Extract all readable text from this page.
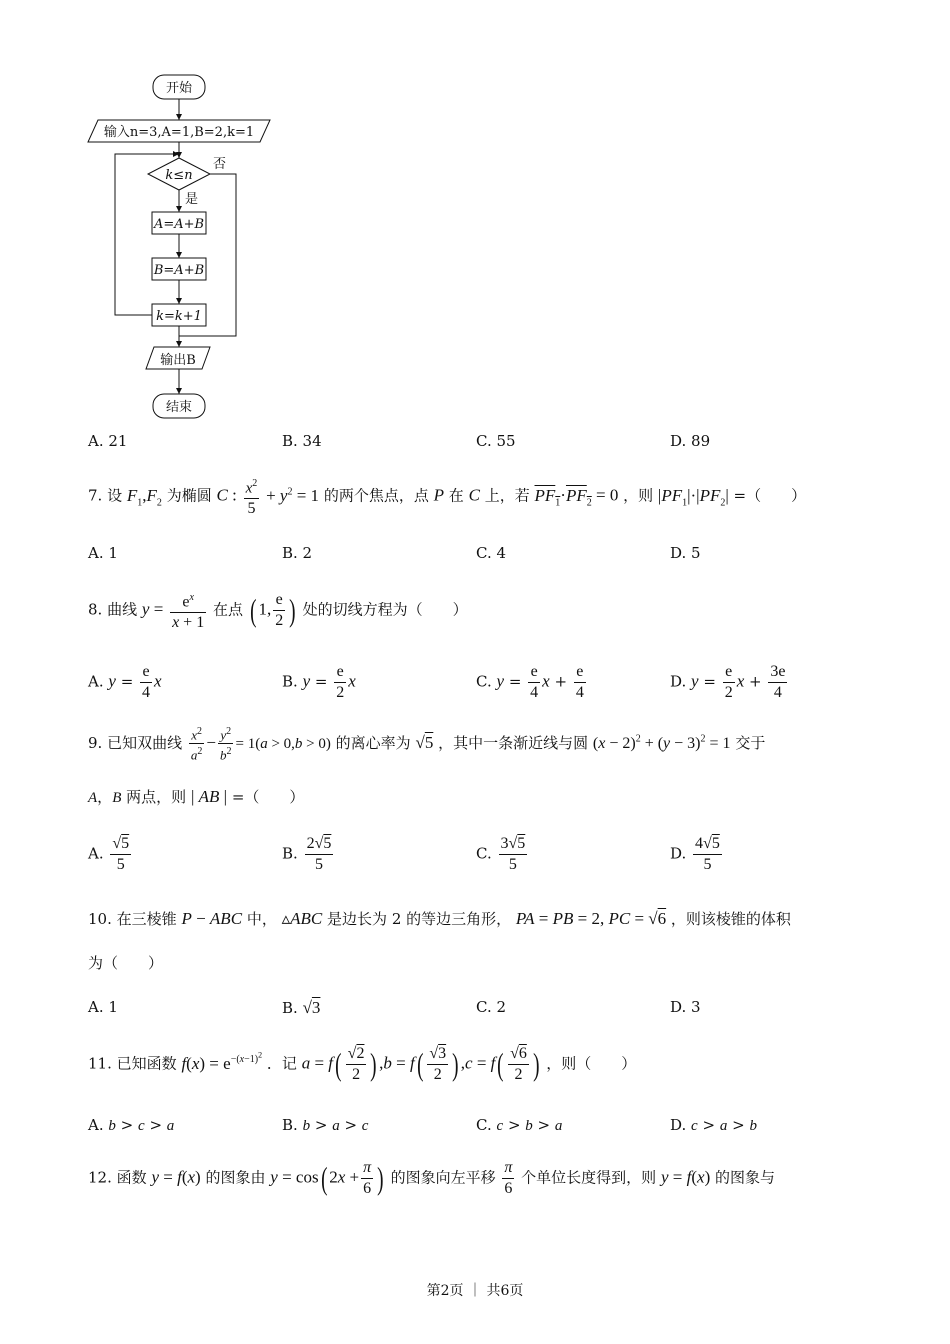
开始
输入n=3,A=1,B=2,k=1
k≤n
否
是
A=A+B
B=A+B
k=k+1
输出B
结束
A. 21	B. 34	C. 55	D. 89
7. 设 $F_1,F_2$ 为椭圆 C : $\frac{x^2}{5} + y^2 = 1$ 的两个焦点，点 P 在 C 上，若 $PF_1\cdot PF_2 = 0$ ，则 $|PF_1|\cdot|PF_2|$ =（　　）
A. 1	B. 2	C. 4	D. 5
8. 曲线 $y = \frac{e^x}{x + 1}$ 在点 ( 1, $\frac{e}{2}$ ) 处的切线方程为（　　）
A. $y = \frac{e}{4}$ x	B. $y = \frac{e}{2}$ x	C. $y = \frac{e}{4}$ $x + \frac{e}{4}$	D. $y = \frac{e}{2}$ $x + \frac{3e}{4}$
9. 已知双曲线 $\frac{x^2}{a^2} - \frac{y^2}{b^2} = 1(a > 0,b > 0)$ 的离心率为 √5 ，其中一条渐近线与圆 $(x - 2)^2 + (y - 3)^2 = 1$ 交于
A，B 两点，则 | AB | =（　　）
A. $\frac{√5}{5}$	B. $\frac{2√5}{5}$	C. $\frac{3√5}{5}$	D. $\frac{4√5}{5}$
10. 在三棱锥 P − ABC 中， ▵ABC 是边长为 2 的等边三角形， PA = PB = 2, PC = √6 ，则该棱锥的体积
为（　　）
A. 1	B. √3	C. 2	D. 3
11. 已知函数 $f(x) = e^{-(x-1)^2}$ ．记 $a = f( \frac{√2}{2}$ ) $,b = f( \frac{√3}{2}$ ) $,c = f( \frac{√6}{2}$ ) ，则（　　）
A. b > c > a	B. b > a > c	C. c > b > a	D. c > a > b
12. 函数 y = f(x) 的图象由 y = cos( $2x + \frac{\pi}{6}$ ) 的图象向左平移 $\frac{\pi}{6}$ 个单位长度得到，则 y = f(x) 的图象与
第2页 ｜ 共6页
